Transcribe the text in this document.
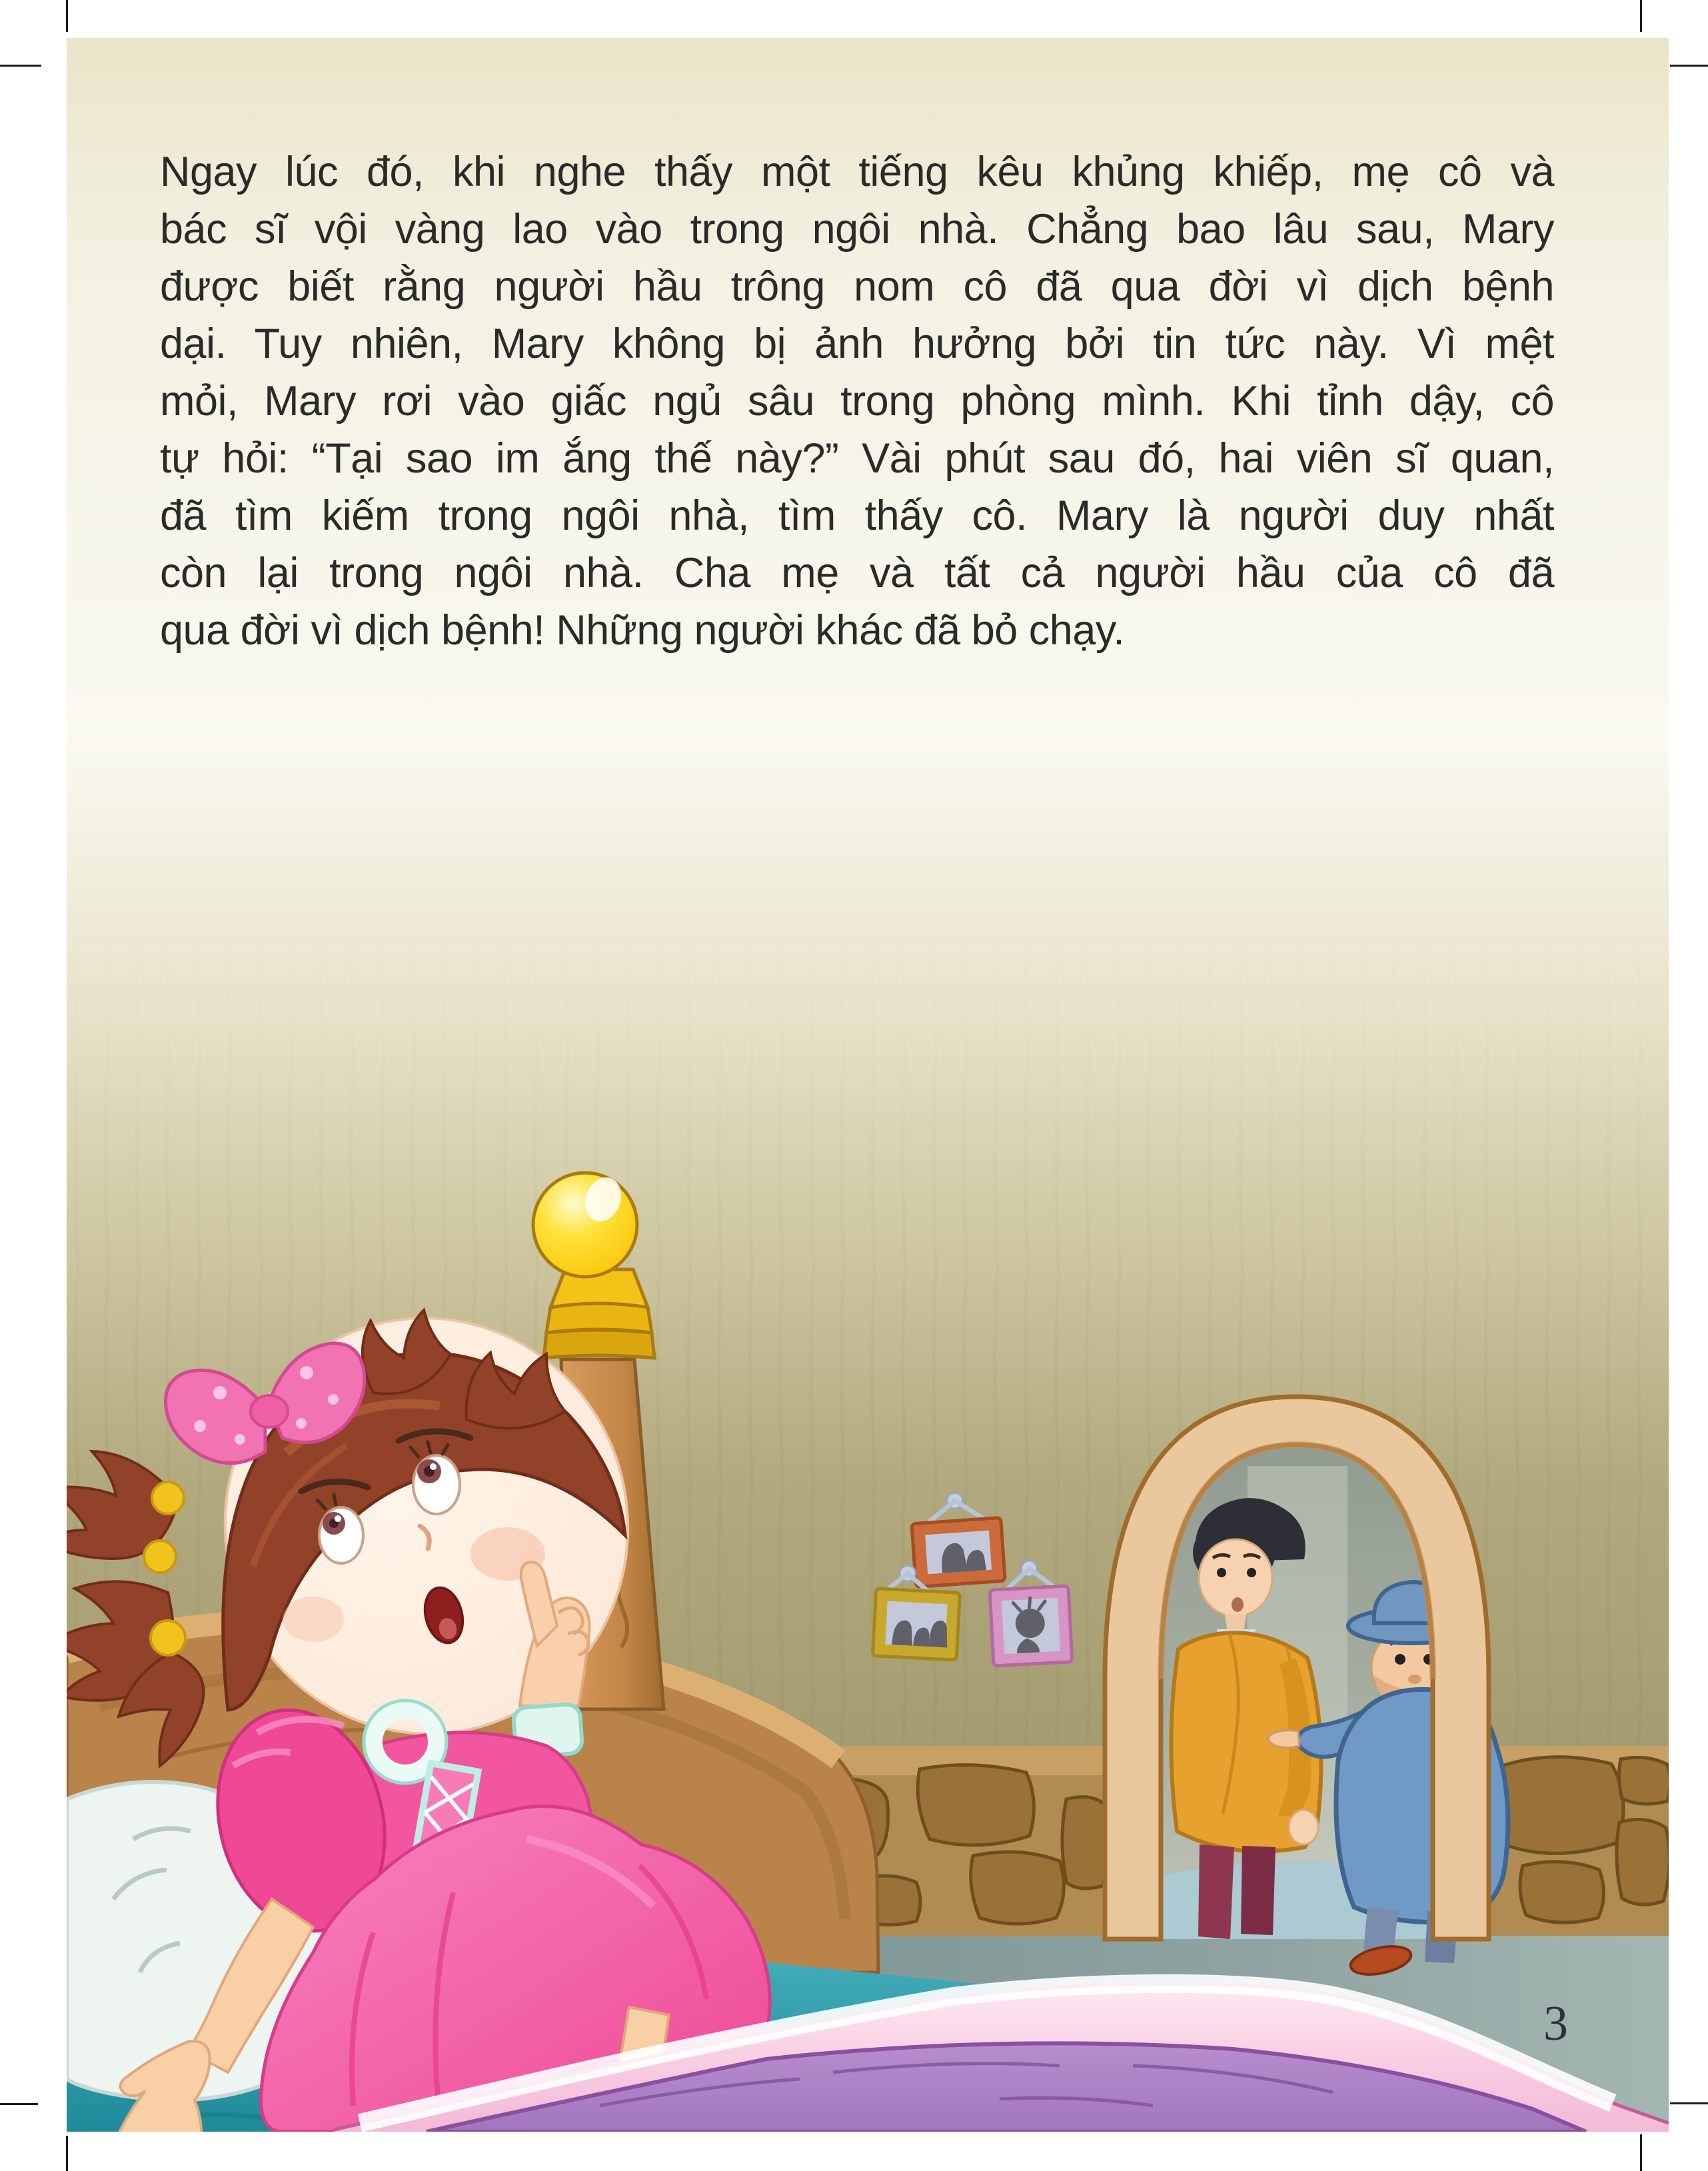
Ngay lúc đó, khi nghe thấy một tiếng kêu khủng khiếp, mẹ cô và
bác sĩ vội vàng lao vào trong ngôi nhà. Chẳng bao lâu sau, Mary
được biết rằng người hầu trông nom cô đã qua đời vì dịch bệnh
dại. Tuy nhiên, Mary không bị ảnh hưởng bởi tin tức này. Vì mệt
mỏi, Mary rơi vào giấc ngủ sâu trong phòng mình. Khi tỉnh dậy, cô
tự hỏi: “Tại sao im ắng thế này?” Vài phút sau đó, hai viên sĩ quan,
đã tìm kiếm trong ngôi nhà, tìm thấy cô. Mary là người duy nhất
còn lại trong ngôi nhà. Cha mẹ và tất cả người hầu của cô đã
qua đời vì dịch bệnh! Những người khác đã bỏ chạy.
3
